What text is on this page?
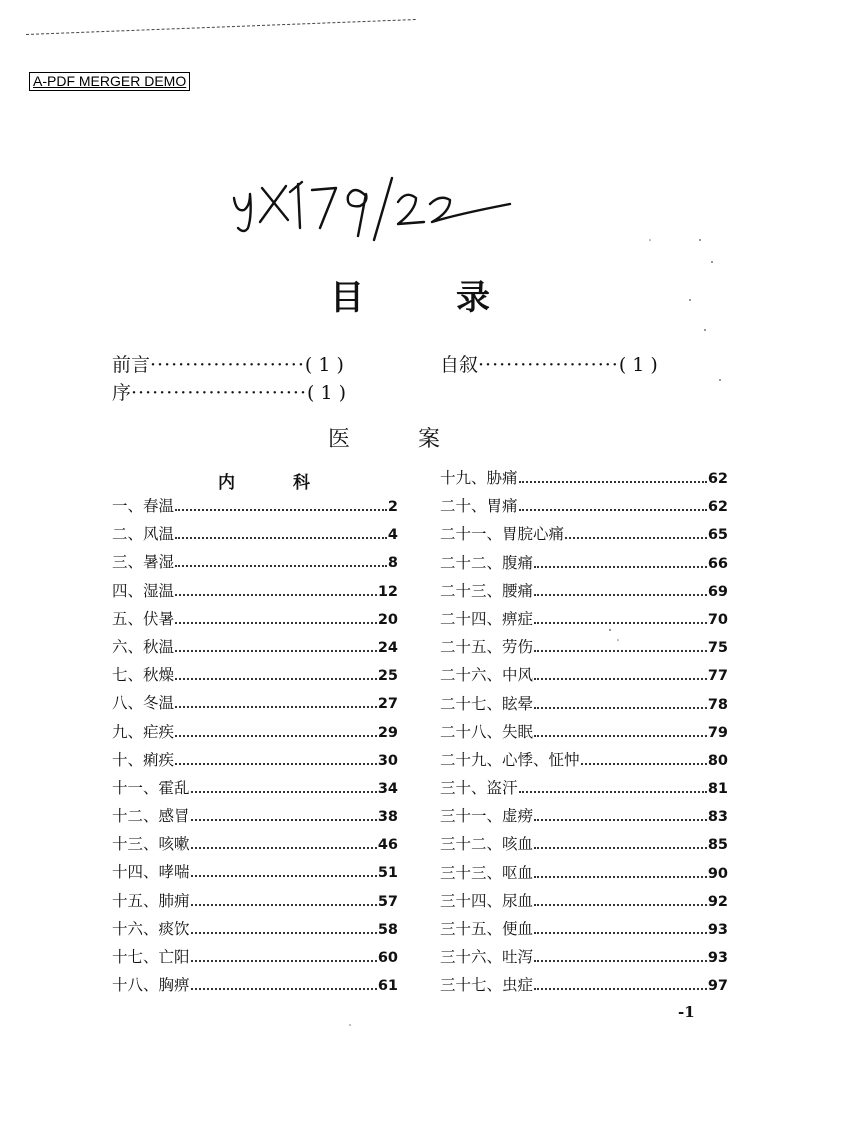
A-PDF MERGER DEMO
目	录
前言······················( 1 )
序·························( 1 )
自叙····················( 1 )
医	案
内	科
一、春温	2
二、风温	4
三、暑湿	8
四、湿温	12
五、伏暑	20
六、秋温	24
七、秋燥	25
八、冬温	27
九、疟疾	29
十、痢疾	30
十一、霍乱	34
十二、感冒	38
十三、咳嗽	46
十四、哮喘	51
十五、肺痈	57
十六、痰饮	58
十七、亡阳	60
十八、胸痹	61
十九、胁痛	62
二十、胃痛	62
二十一、胃脘心痛	65
二十二、腹痛	66
二十三、腰痛	69
二十四、痹症	70
二十五、劳伤	75
二十六、中风	77
二十七、眩晕	78
二十八、失眠	79
二十九、心悸、怔忡	80
三十、盗汗	81
三十一、虚痨	83
三十二、咳血	85
三十三、呕血	90
三十四、尿血	92
三十五、便血	93
三十六、吐泻	93
三十七、虫症	97
-1
